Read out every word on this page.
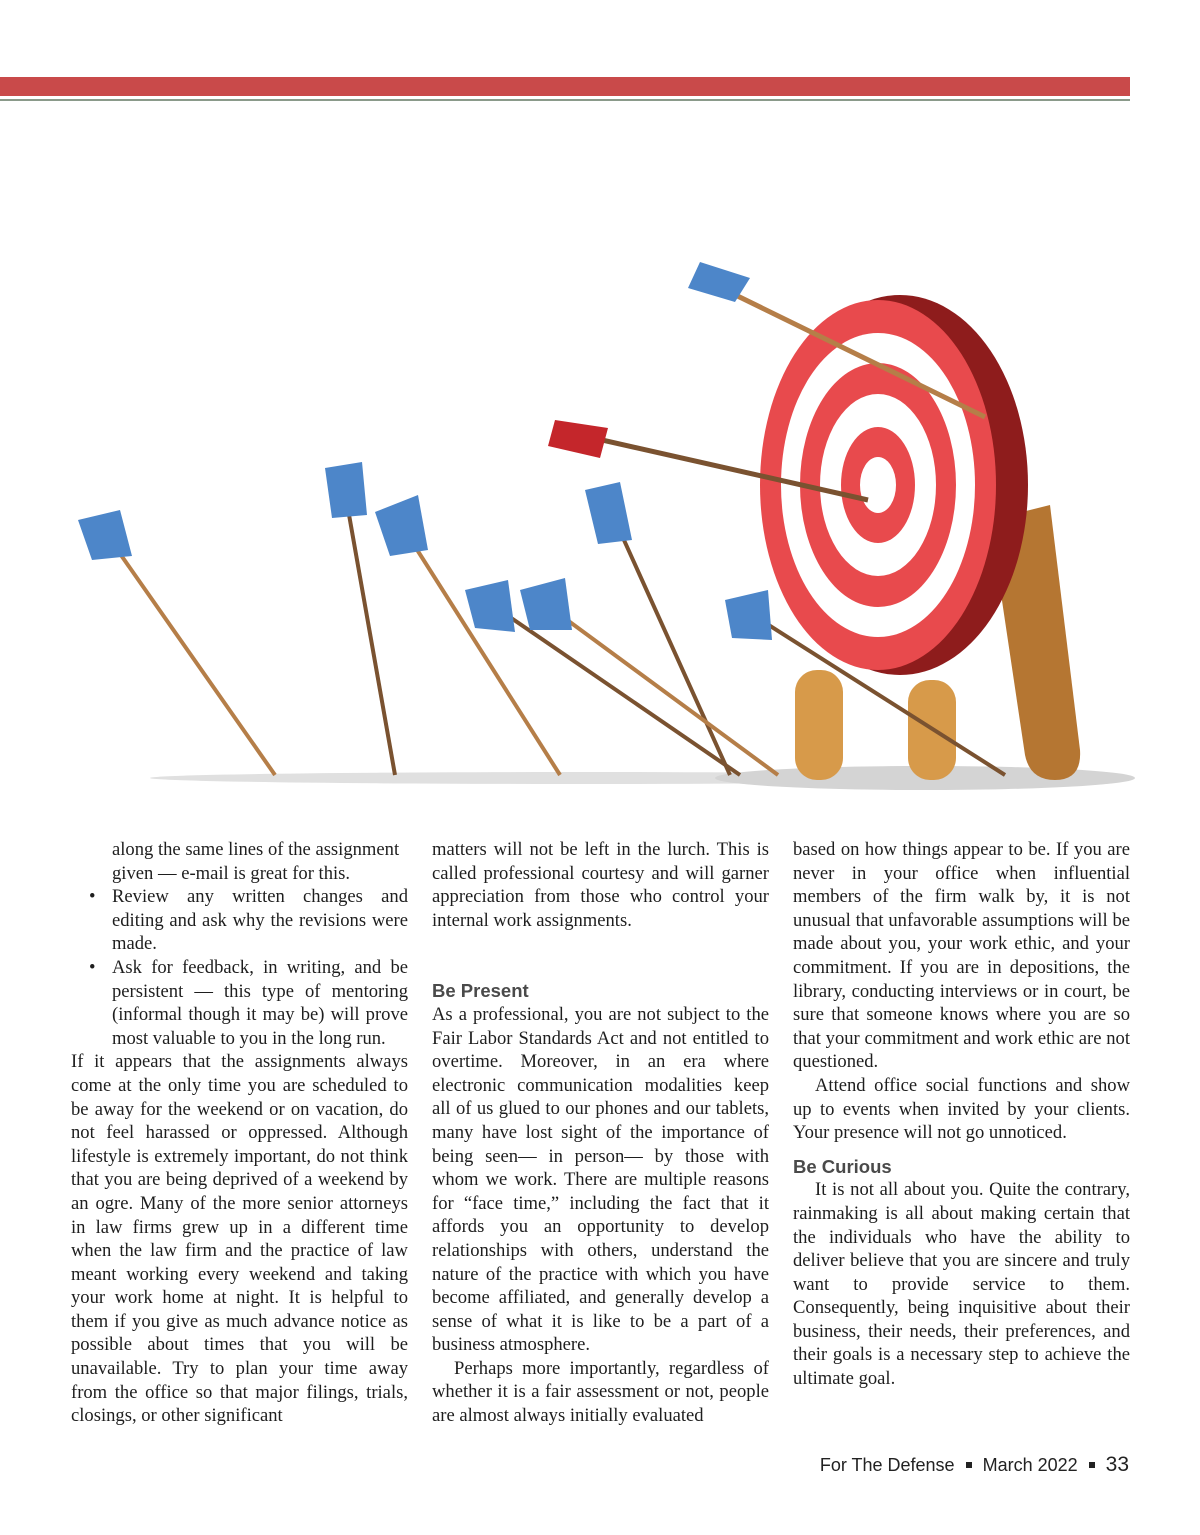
along the same lines of the assignment
given — e-mail is great for this.
• Review any written changes and editing and ask why the revisions were made.
• Ask for feedback, in writing, and be persistent — this type of mentoring (informal though it may be) will prove most valuable to you in the long run.

If it appears that the assignments always come at the only time you are scheduled to be away for the weekend or on vacation, do not feel harassed or oppressed. Although lifestyle is extremely important, do not think that you are being deprived of a weekend by an ogre. Many of the more senior attorneys in law firms grew up in a different time when the law firm and the practice of law meant working every weekend and taking your work home at night. It is helpful to them if you give as much advance notice as possible about times that you will be unavailable. Try to plan your time away from the office so that major filings, trials, closings, or other significant

matters will not be left in the lurch. This is called professional courtesy and will garner appreciation from those who control your internal work assignments.

Be Present

As a professional, you are not subject to the Fair Labor Standards Act and not entitled to overtime. Moreover, in an era where electronic communication modalities keep all of us glued to our phones and our tablets, many have lost sight of the importance of being seen— in person— by those with whom we work. There are multiple reasons for “face time,” including the fact that it affords you an opportunity to develop relationships with others, understand the nature of the practice with which you have become affiliated, and generally develop a sense of what it is like to be a part of a business atmosphere.

Perhaps more importantly, regardless of whether it is a fair assessment or not, people are almost always initially evaluated

based on how things appear to be. If you are never in your office when influential members of the firm walk by, it is not unusual that unfavorable assumptions will be made about you, your work ethic, and your commitment. If you are in depositions, the library, conducting interviews or in court, be sure that someone knows where you are so that your commitment and work ethic are not questioned.

Attend office social functions and show up to events when invited by your clients. Your presence will not go unnoticed.

Be Curious

It is not all about you. Quite the contrary, rainmaking is all about making certain that the individuals who have the ability to deliver believe that you are sincere and truly want to provide service to them. Consequently, being inquisitive about their business, their needs, their preferences, and their goals is a necessary step to achieve the ultimate goal.

For The Defense March 2022 33
